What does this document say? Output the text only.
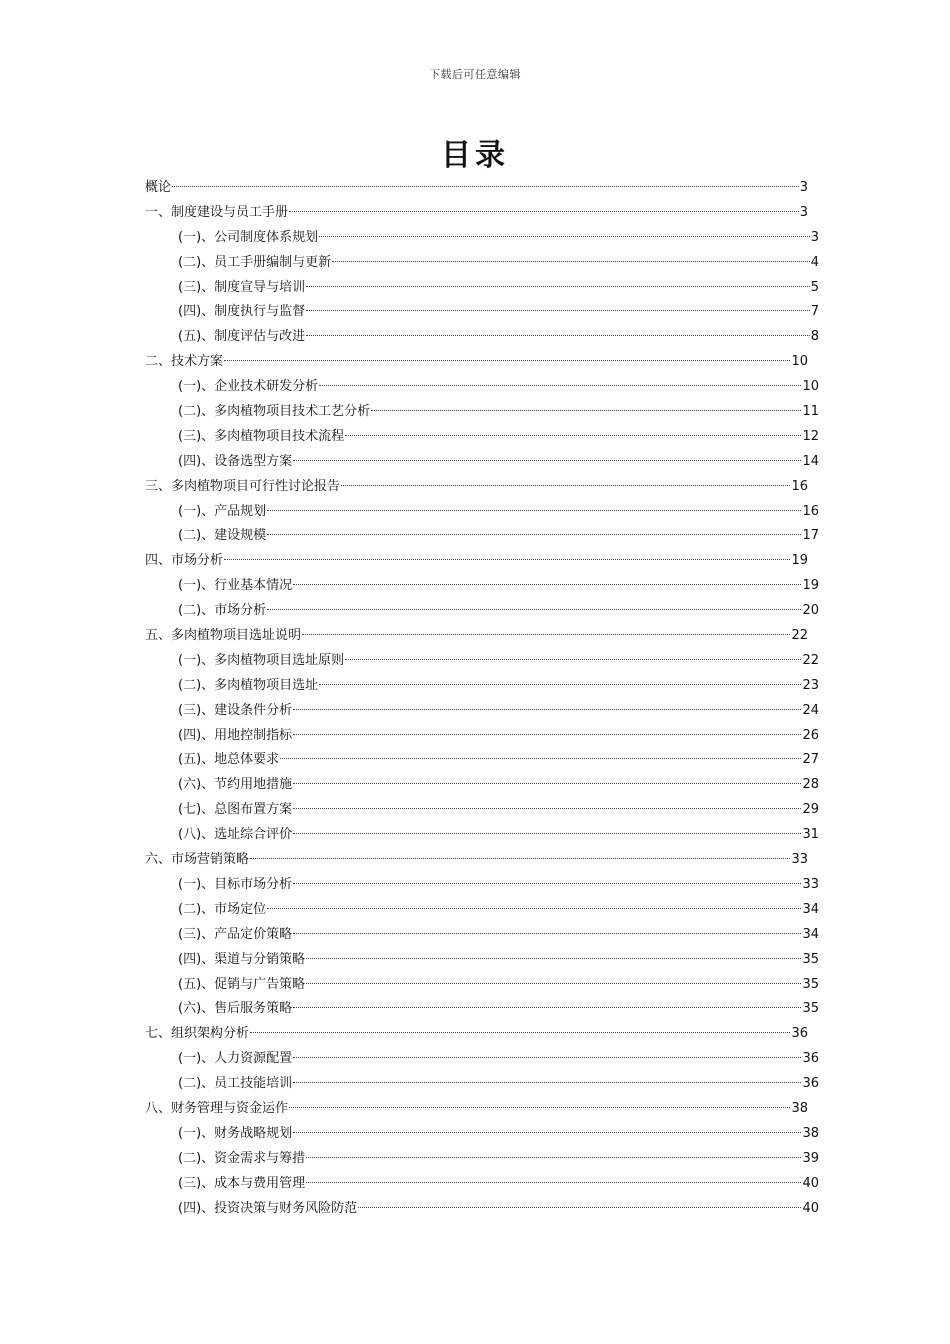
下载后可任意编辑
目录
概论	3
一、制度建设与员工手册	3
(一)、公司制度体系规划	3
(二)、员工手册编制与更新	4
(三)、制度宣导与培训	5
(四)、制度执行与监督	7
(五)、制度评估与改进	8
二、技术方案	10
(一)、企业技术研发分析	10
(二)、多肉植物项目技术工艺分析	11
(三)、多肉植物项目技术流程	12
(四)、设备选型方案	14
三、多肉植物项目可行性讨论报告	16
(一)、产品规划	16
(二)、建设规模	17
四、市场分析	19
(一)、行业基本情况	19
(二)、市场分析	20
五、多肉植物项目选址说明	22
(一)、多肉植物项目选址原则	22
(二)、多肉植物项目选址	23
(三)、建设条件分析	24
(四)、用地控制指标	26
(五)、地总体要求	27
(六)、节约用地措施	28
(七)、总图布置方案	29
(八)、选址综合评价	31
六、市场营销策略	33
(一)、目标市场分析	33
(二)、市场定位	34
(三)、产品定价策略	34
(四)、渠道与分销策略	35
(五)、促销与广告策略	35
(六)、售后服务策略	35
七、组织架构分析	36
(一)、人力资源配置	36
(二)、员工技能培训	36
八、财务管理与资金运作	38
(一)、财务战略规划	38
(二)、资金需求与筹措	39
(三)、成本与费用管理	40
(四)、投资决策与财务风险防范	40
